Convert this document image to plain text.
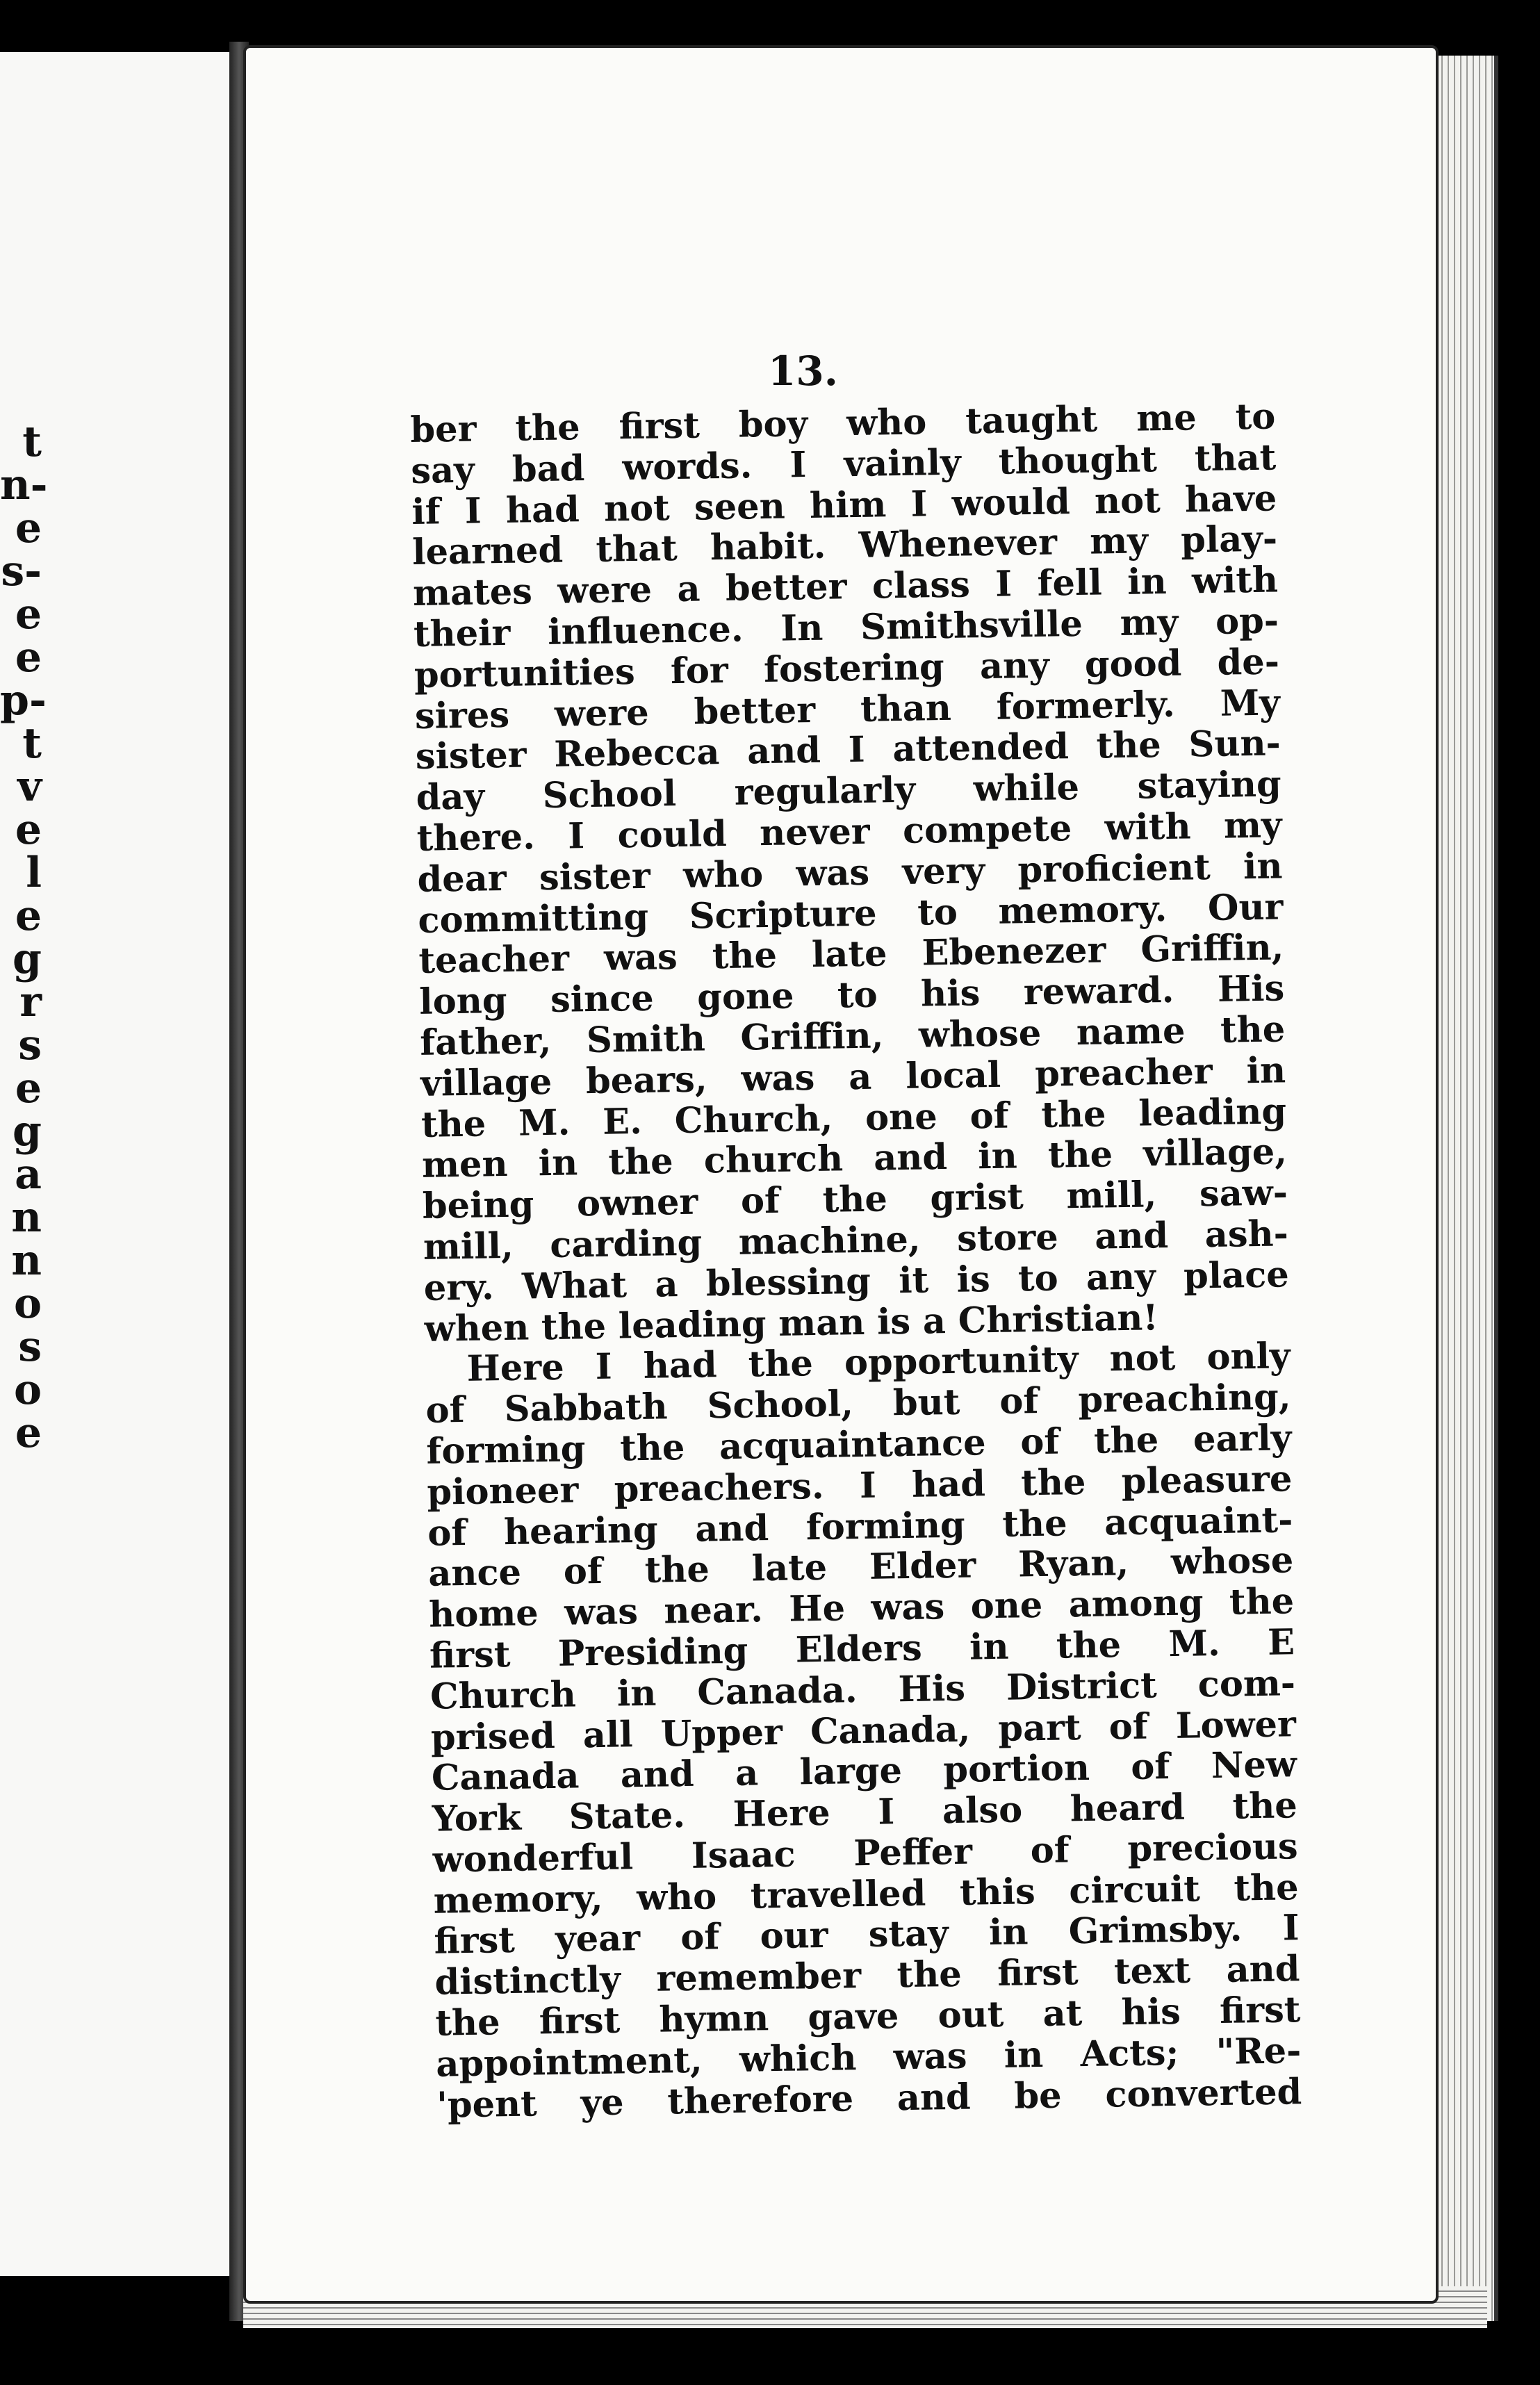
t
n-
e
s-
e
e
p-
t
v
e
l
e
g
r
s
e
g
a
n
n
o
s
o
e
13.
ber the first boy who taught me to
say bad words. I vainly thought that
if I had not seen him I would not have
learned that habit. Whenever my play-
mates were a better class I fell in with
their influence. In Smithsville my op-
portunities for fostering any good de-
sires were better than formerly. My
sister Rebecca and I attended the Sun-
day School regularly while staying
there. I could never compete with my
dear sister who was very proficient in
committing Scripture to memory. Our
teacher was the late Ebenezer Griffin,
long since gone to his reward. His
father, Smith Griffin, whose name the
village bears, was a local preacher in
the M. E. Church, one of the leading
men in the church and in the village,
being owner of the grist mill, saw-
mill, carding machine, store and ash-
ery. What a blessing it is to any place
when the leading man is a Christian!
Here I had the opportunity not only
of Sabbath School, but of preaching,
forming the acquaintance of the early
pioneer preachers. I had the pleasure
of hearing and forming the acquaint-
ance of the late Elder Ryan, whose
home was near. He was one among the
first Presiding Elders in the M. E
Church in Canada. His District com-
prised all Upper Canada, part of Lower
Canada and a large portion of New
York State. Here I also heard the
wonderful Isaac Peffer of precious
memory, who travelled this circuit the
first year of our stay in Grimsby. I
distinctly remember the first text and
the first hymn gave out at his first
appointment, which was in Acts; "Re-
'pent ye therefore and be converted
